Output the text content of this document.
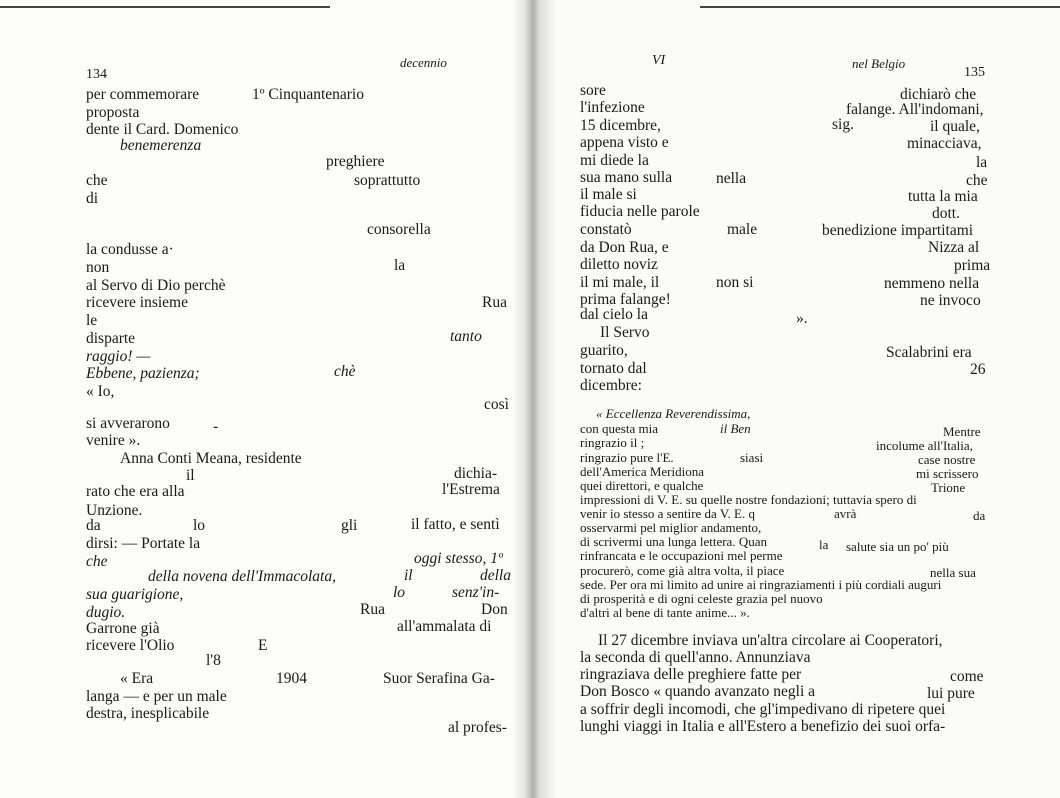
134
decennio
per commemorare	1º Cinquantenario
proposta
dente il Card. Domenico
benemerenza
preghiere
che	soprattutto
di
consorella
la condusse a·
non	la
al Servo di Dio perchè
ricevere insieme	Rua
le
disparte	tanto
raggio! —
Ebbene, pazienza;	chè
« Io,
così
si avverarono	-
venire ».
Anna Conti Meana, residente
il	dichia-
rato che era alla	l'Estrema
Unzione.
da	lo	gli	il fatto, e sentì
dirsi: — Portate la
che	oggi stesso, 1º
della novena dell'Immacolata,	il	della
sua guarigione,	lo	senz'in-
dugio.	Rua	Don
Garrone già	all'ammalata di
ricevere l'Olio	E
l'8
« Era	1904	Suor Serafina Ga-
langa — e per un male
destra, inesplicabile
al profes-
VI	nel Belgio
135
sore	dichiarò che
l'infezione	falange. All'indomani,
15 dicembre,	sig.	il quale,
appena visto e	minacciava,
mi diede la	la
sua mano sulla	nella	che
il male si	tutta la mia
fiducia nelle parole	dott.
constatò	male	benedizione impartitami
da Don Rua, e	Nizza al
diletto noviz	prima
il mi male, il	non si	nemmeno nella
prima falange!	ne invoco
dal cielo la	».
Il Servo
guarito,	Scalabrini era
tornato dal	26
dicembre:
« Eccellenza Reverendissima,
con questa mia	il Ben	Mentre
ringrazio il ;	incolume all'Italia,
ringrazio pure l'E.	siasi	case nostre
dell'America Meridiona	mi scrissero
quei direttori, e qualche	Trione
impressioni di V. E. su quelle nostre fondazioni; tuttavia spero di
venir io stesso a sentire da V. E. q	avrà	da
osservarmi pel miglior andamento,
di scrivermi una lunga lettera. Quan	la salute sia un po' più
rinfrancata e le occupazioni mel perme
procurerò, come già altra volta, il piace	nella sua
sede. Per ora mi limito ad unire ai ringraziamenti i più cordiali auguri
di prosperità e di ogni celeste grazia pel nuovo
d'altri al bene di tante anime... ».
Il 27 dicembre inviava un'altra circolare ai Cooperatori,
la seconda di quell'anno. Annunziava
ringraziava delle preghiere fatte per	come
Don Bosco « quando avanzato negli a	lui pure
a soffrir degli incomodi, che gl'impedivano di ripetere quei
lunghi viaggi in Italia e all'Estero a benefizio dei suoi orfa-
